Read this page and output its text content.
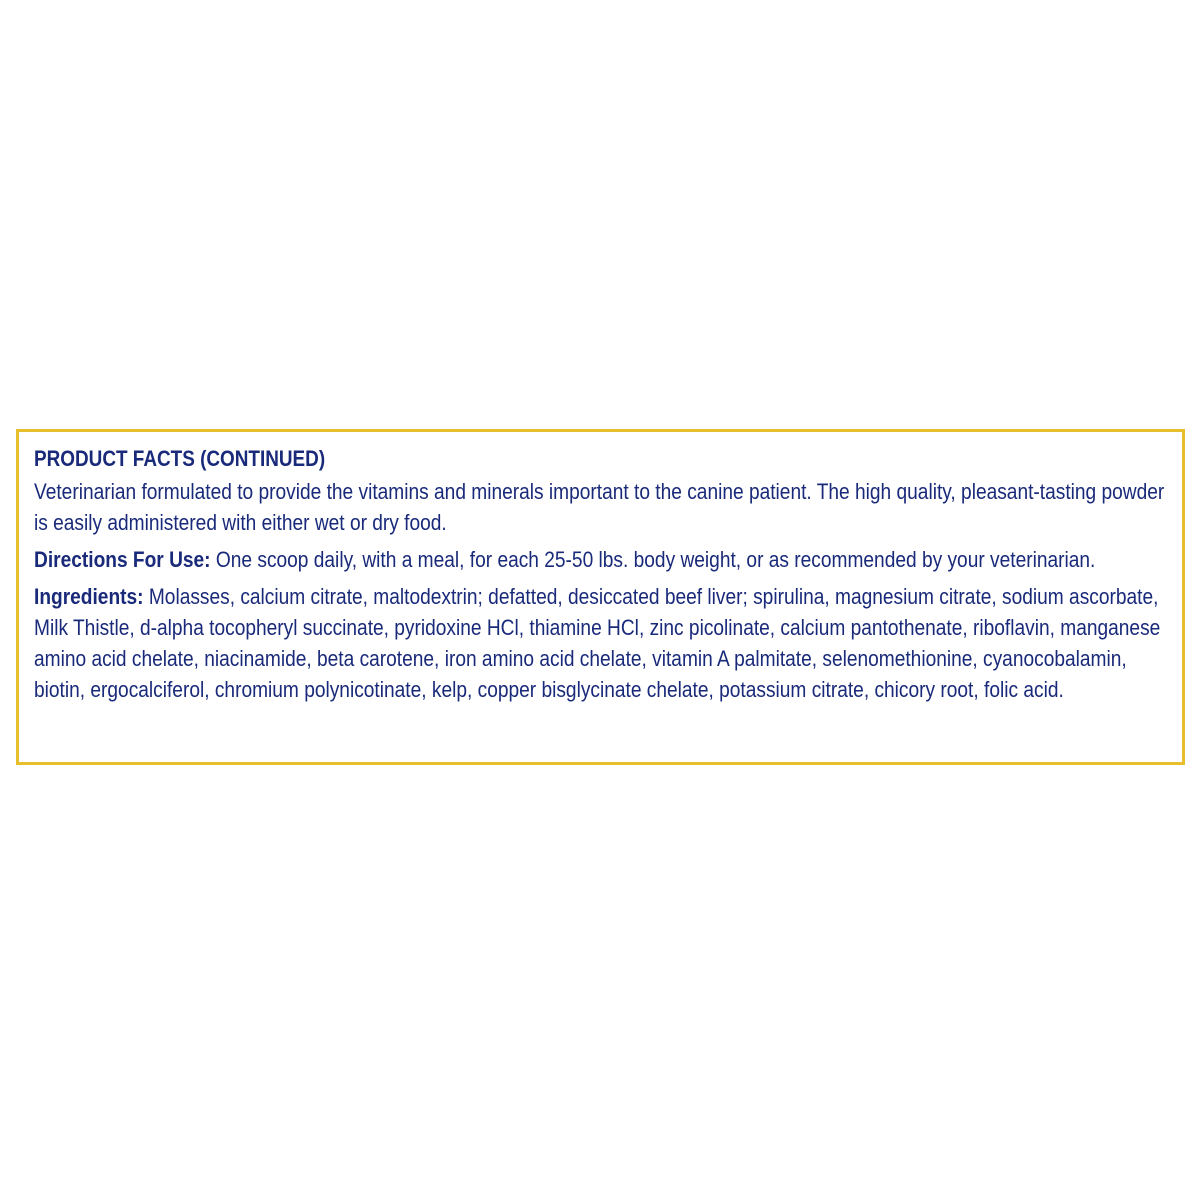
PRODUCT FACTS (CONTINUED)

Veterinarian formulated to provide the vitamins and minerals important to the canine patient. The high quality, pleasant-tasting powder is easily administered with either wet or dry food.

Directions For Use: One scoop daily, with a meal, for each 25-50 lbs. body weight, or as recommended by your veterinarian.

Ingredients: Molasses, calcium citrate, maltodextrin; defatted, desiccated beef liver; spirulina, magnesium citrate, sodium ascorbate, Milk Thistle, d-alpha tocopheryl succinate, pyridoxine HCl, thiamine HCl, zinc picolinate, calcium pantothenate, riboflavin, manganese amino acid chelate, niacinamide, beta carotene, iron amino acid chelate, vitamin A palmitate, selenomethionine, cyanocobalamin, biotin, ergocalciferol, chromium polynicotinate, kelp, copper bisglycinate chelate, potassium citrate, chicory root, folic acid.
